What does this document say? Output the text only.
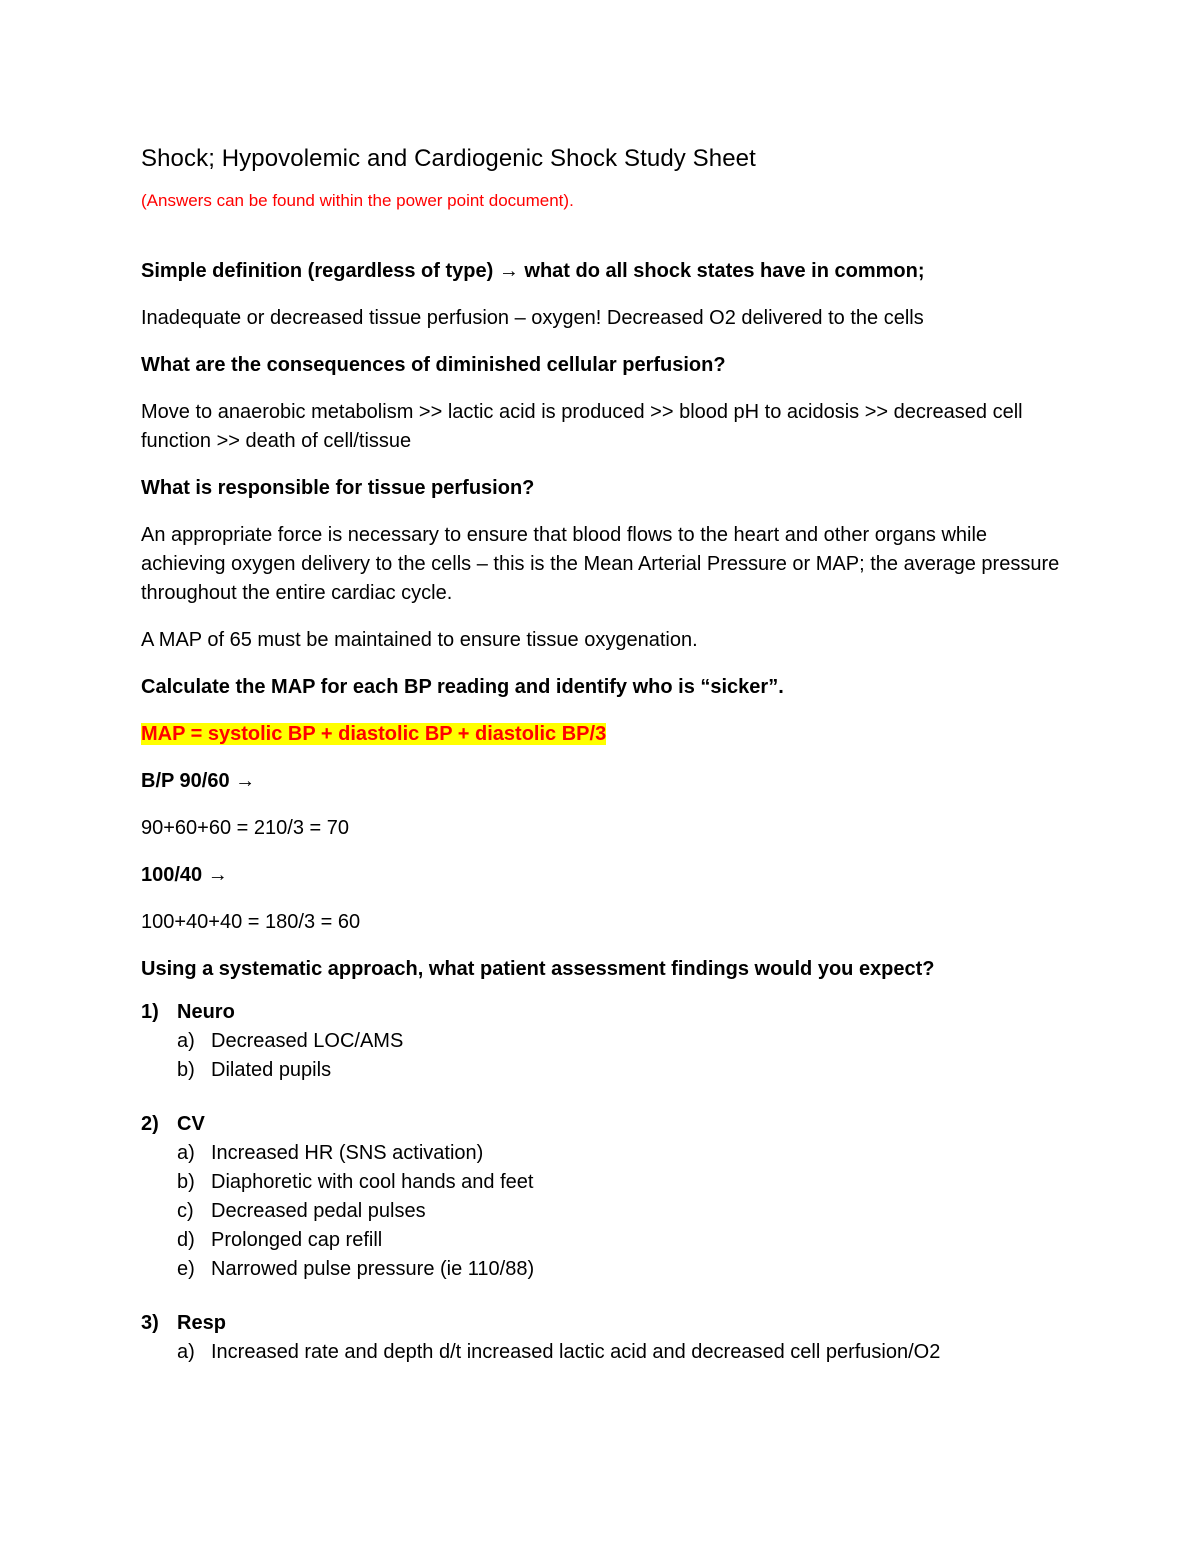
Shock; Hypovolemic and Cardiogenic Shock Study Sheet
(Answers can be found within the power point document).
Simple definition (regardless of type) → what do all shock states have in common;
Inadequate or decreased tissue perfusion – oxygen! Decreased O2 delivered to the cells
What are the consequences of diminished cellular perfusion?
Move to anaerobic metabolism >> lactic acid is produced >> blood pH to acidosis >> decreased cell function >> death of cell/tissue
What is responsible for tissue perfusion?
An appropriate force is necessary to ensure that blood flows to the heart and other organs while achieving oxygen delivery to the cells – this is the Mean Arterial Pressure or MAP; the average pressure throughout the entire cardiac cycle.
A MAP of 65 must be maintained to ensure tissue oxygenation.
Calculate the MAP for each BP reading and identify who is “sicker”.
MAP = systolic BP + diastolic BP + diastolic BP/3
B/P 90/60 →
90+60+60 = 210/3 = 70
100/40 →
100+40+40 = 180/3 = 60
Using a systematic approach, what patient assessment findings would you expect?
1) Neuro
a) Decreased LOC/AMS
b) Dilated pupils
2) CV
a) Increased HR (SNS activation)
b) Diaphoretic with cool hands and feet
c) Decreased pedal pulses
d) Prolonged cap refill
e) Narrowed pulse pressure (ie 110/88)
3) Resp
a) Increased rate and depth d/t increased lactic acid and decreased cell perfusion/O2
